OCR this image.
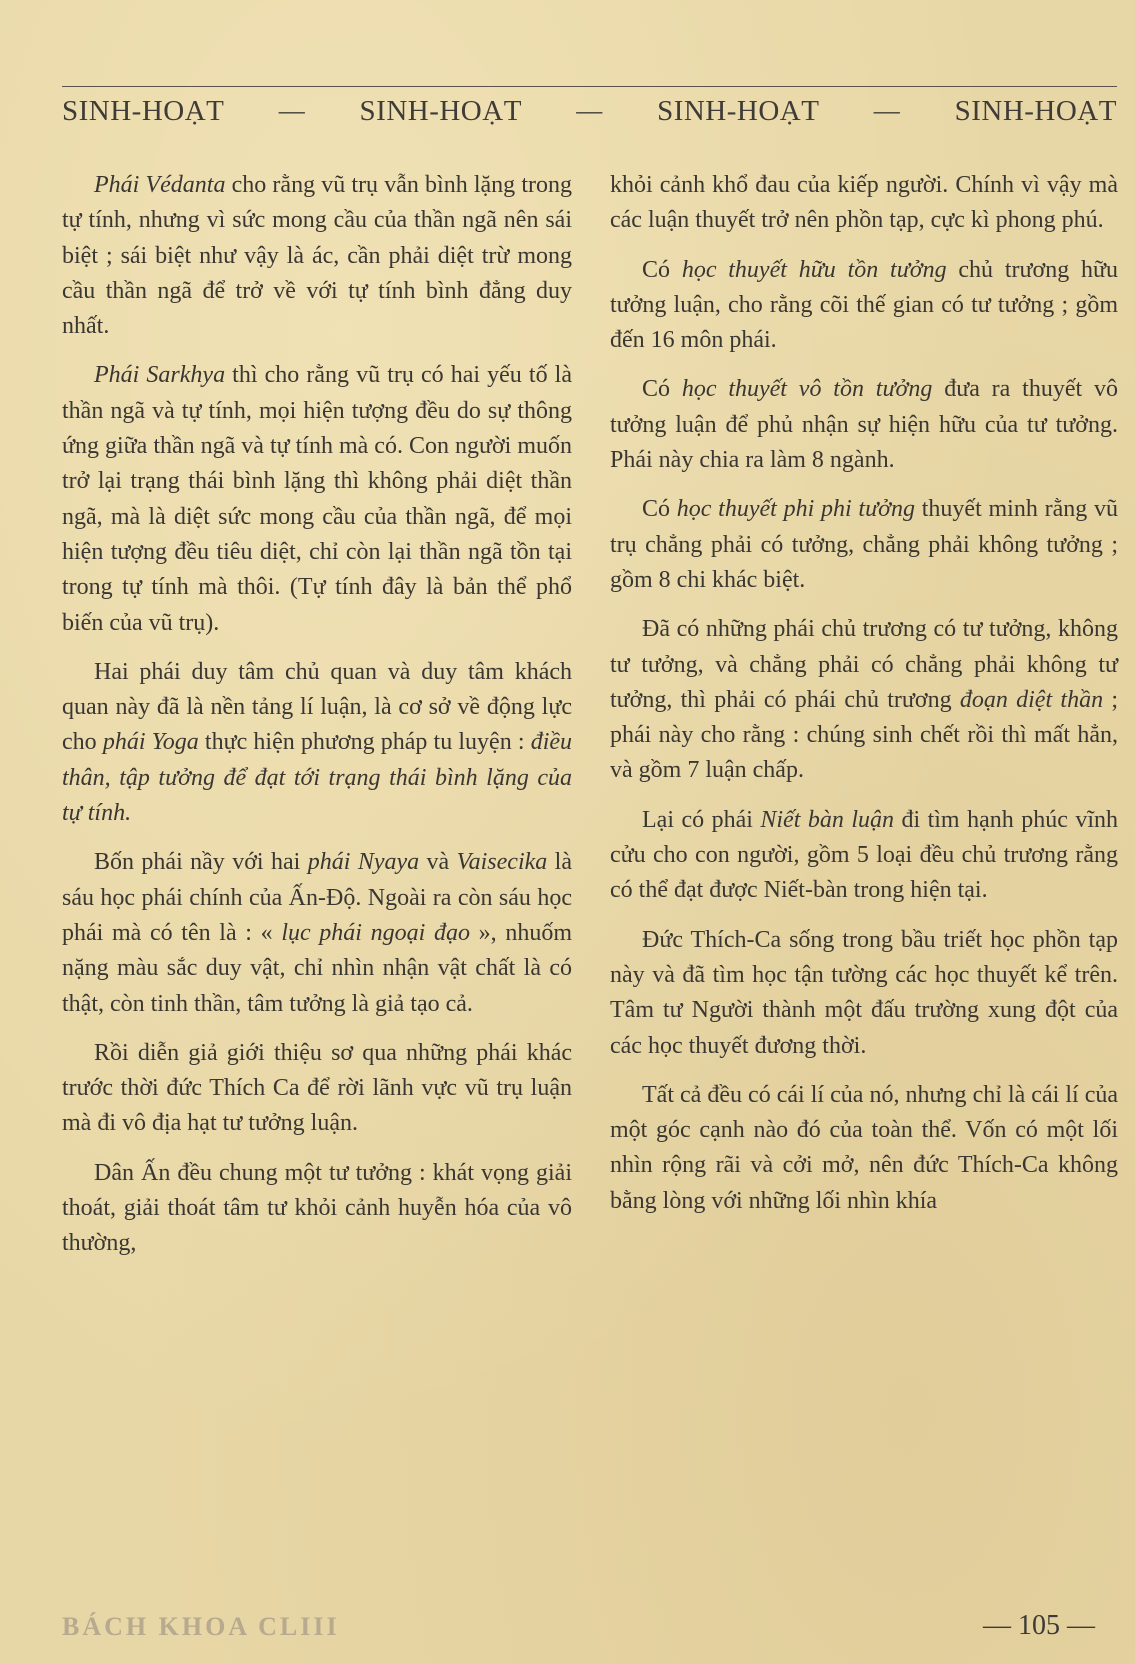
SINH-HOẠT — SINH-HOẠT — SINH-HOẠT — SINH-HOẠT

Phái Védanta cho rằng vũ trụ vẫn bình lặng trong tự tính, nhưng vì sức mong cầu của thần ngã nên sái biệt ; sái biệt như vậy là ác, cần phải diệt trừ mong cầu thần ngã để trở về với tự tính bình đẳng duy nhất.

Phái Sarkhya thì cho rằng vũ trụ có hai yếu tố là thần ngã và tự tính, mọi hiện tượng đều do sự thông ứng giữa thần ngã và tự tính mà có. Con người muốn trở lại trạng thái bình lặng thì không phải diệt thần ngã, mà là diệt sức mong cầu của thần ngã, để mọi hiện tượng đều tiêu diệt, chỉ còn lại thần ngã tồn tại trong tự tính mà thôi. (Tự tính đây là bản thể phổ biến của vũ trụ).

Hai phái duy tâm chủ quan và duy tâm khách quan này đã là nền tảng lí luận, là cơ sở về động lực cho phái Yoga thực hiện phương pháp tu luyện : điều thân, tập tưởng để đạt tới trạng thái bình lặng của tự tính.

Bốn phái nầy với hai phái Nyaya và Vaisecika là sáu học phái chính của Ấn-Độ. Ngoài ra còn sáu học phái mà có tên là : « lục phái ngoại đạo », nhuốm nặng màu sắc duy vật, chỉ nhìn nhận vật chất là có thật, còn tinh thần, tâm tưởng là giả tạo cả.

Rồi diễn giả giới thiệu sơ qua những phái khác trước thời đức Thích Ca để rời lãnh vực vũ trụ luận mà đi vô địa hạt tư tưởng luận.

Dân Ấn đều chung một tư tưởng : khát vọng giải thoát, giải thoát tâm tư khỏi cảnh huyễn hóa của vô thường,

khỏi cảnh khổ đau của kiếp người. Chính vì vậy mà các luận thuyết trở nên phồn tạp, cực kì phong phú.

Có học thuyết hữu tồn tưởng chủ trương hữu tưởng luận, cho rằng cõi thế gian có tư tưởng ; gồm đến 16 môn phái.

Có học thuyết vô tồn tưởng đưa ra thuyết vô tưởng luận để phủ nhận sự hiện hữu của tư tưởng. Phái này chia ra làm 8 ngành.

Có học thuyết phi phi tưởng thuyết minh rằng vũ trụ chẳng phải có tưởng, chẳng phải không tưởng ; gồm 8 chi khác biệt.

Đã có những phái chủ trương có tư tưởng, không tư tưởng, và chẳng phải có chẳng phải không tư tưởng, thì phải có phái chủ trương đoạn diệt thần ; phái này cho rằng : chúng sinh chết rồi thì mất hẳn, và gồm 7 luận chấp.

Lại có phái Niết bàn luận đi tìm hạnh phúc vĩnh cửu cho con người, gồm 5 loại đều chủ trương rằng có thể đạt được Niết-bàn trong hiện tại.

Đức Thích-Ca sống trong bầu triết học phồn tạp này và đã tìm học tận tường các học thuyết kể trên. Tâm tư Người thành một đấu trường xung đột của các học thuyết đương thời.

Tất cả đều có cái lí của nó, nhưng chỉ là cái lí của một góc cạnh nào đó của toàn thể. Vốn có một lối nhìn rộng rãi và cởi mở, nên đức Thích-Ca không bằng lòng với những lối nhìn khía

BÁCH KHOA CLIII	— 105 —
